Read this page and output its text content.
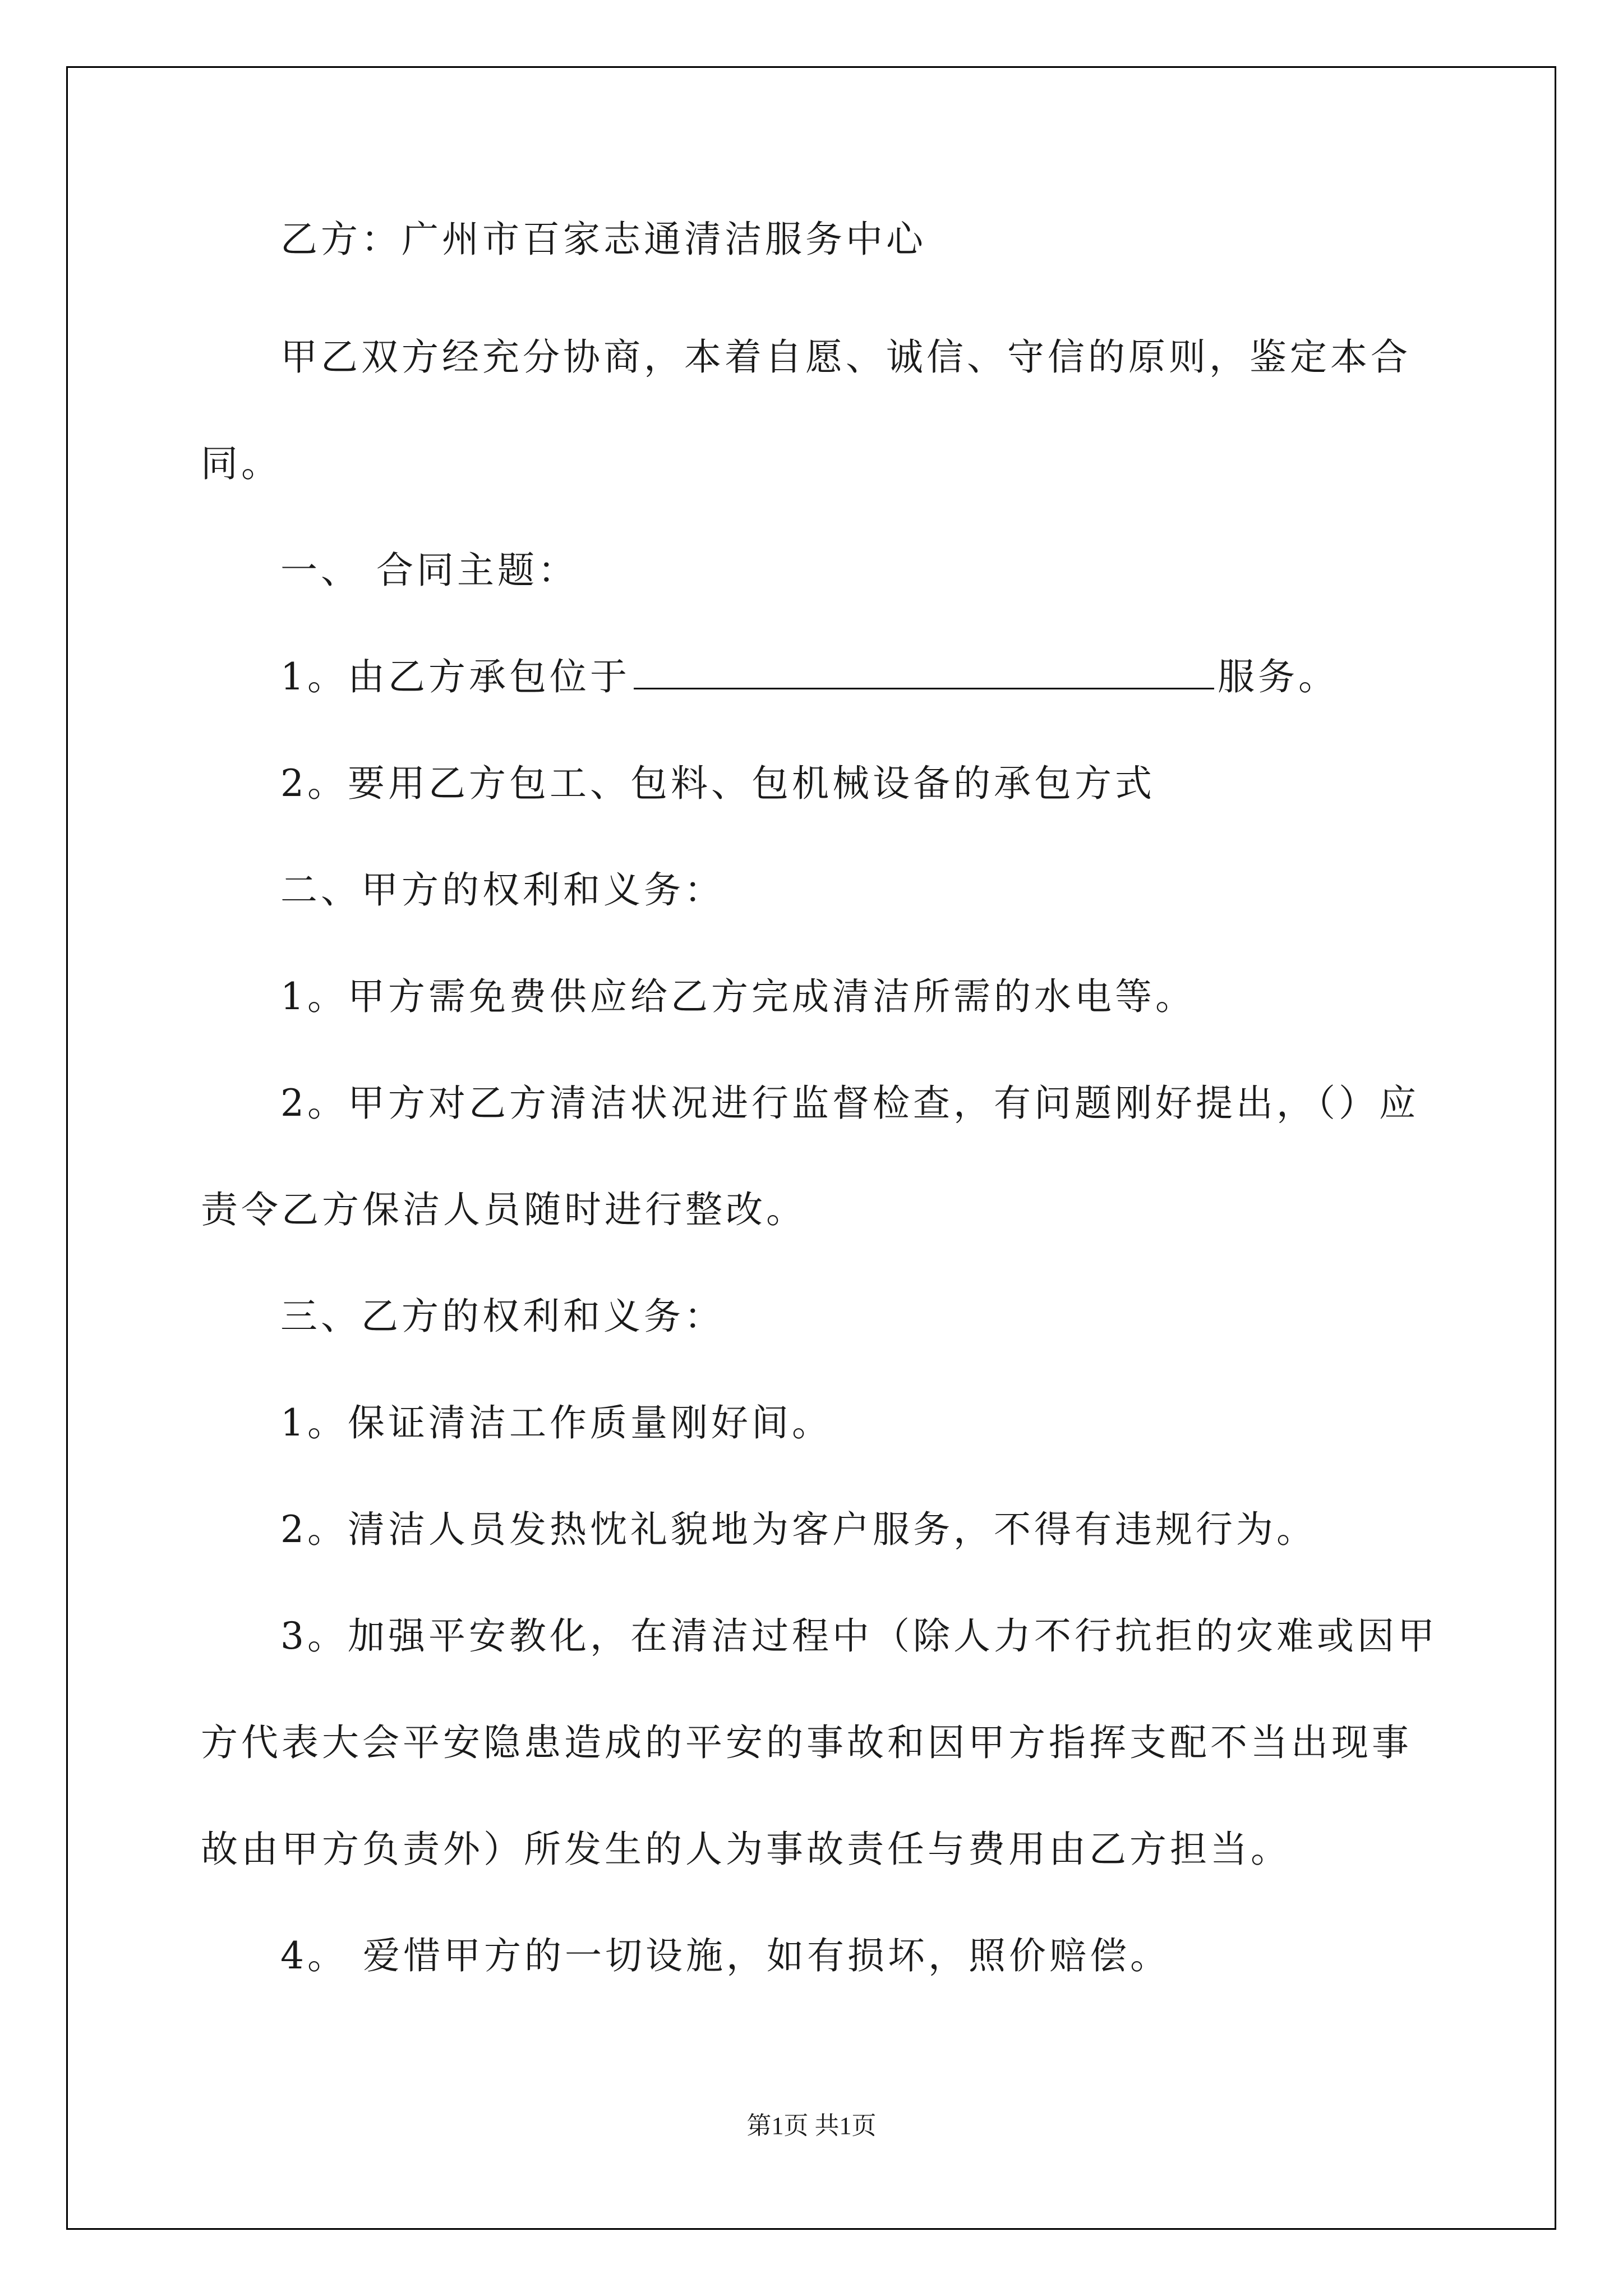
乙方：广州市百家志通清洁服务中心
甲乙双方经充分协商，本着自愿、诚信、守信的原则，鉴定本合
同。
一、 合同主题：
1。由乙方承包位于	服务。
2。要用乙方包工、包料、包机械设备的承包方式
二、甲方的权利和义务：
1。甲方需免费供应给乙方完成清洁所需的水电等。
2。甲方对乙方清洁状况进行监督检查，有问题刚好提出，（）应
责令乙方保洁人员随时进行整改。
三、乙方的权利和义务：
1。保证清洁工作质量刚好间。
2。清洁人员发热忱礼貌地为客户服务，不得有违规行为。
3。加强平安教化，在清洁过程中（除人力不行抗拒的灾难或因甲
方代表大会平安隐患造成的平安的事故和因甲方指挥支配不当出现事
故由甲方负责外）所发生的人为事故责任与费用由乙方担当。
4。 爱惜甲方的一切设施，如有损坏，照价赔偿。
第1页 共1页
